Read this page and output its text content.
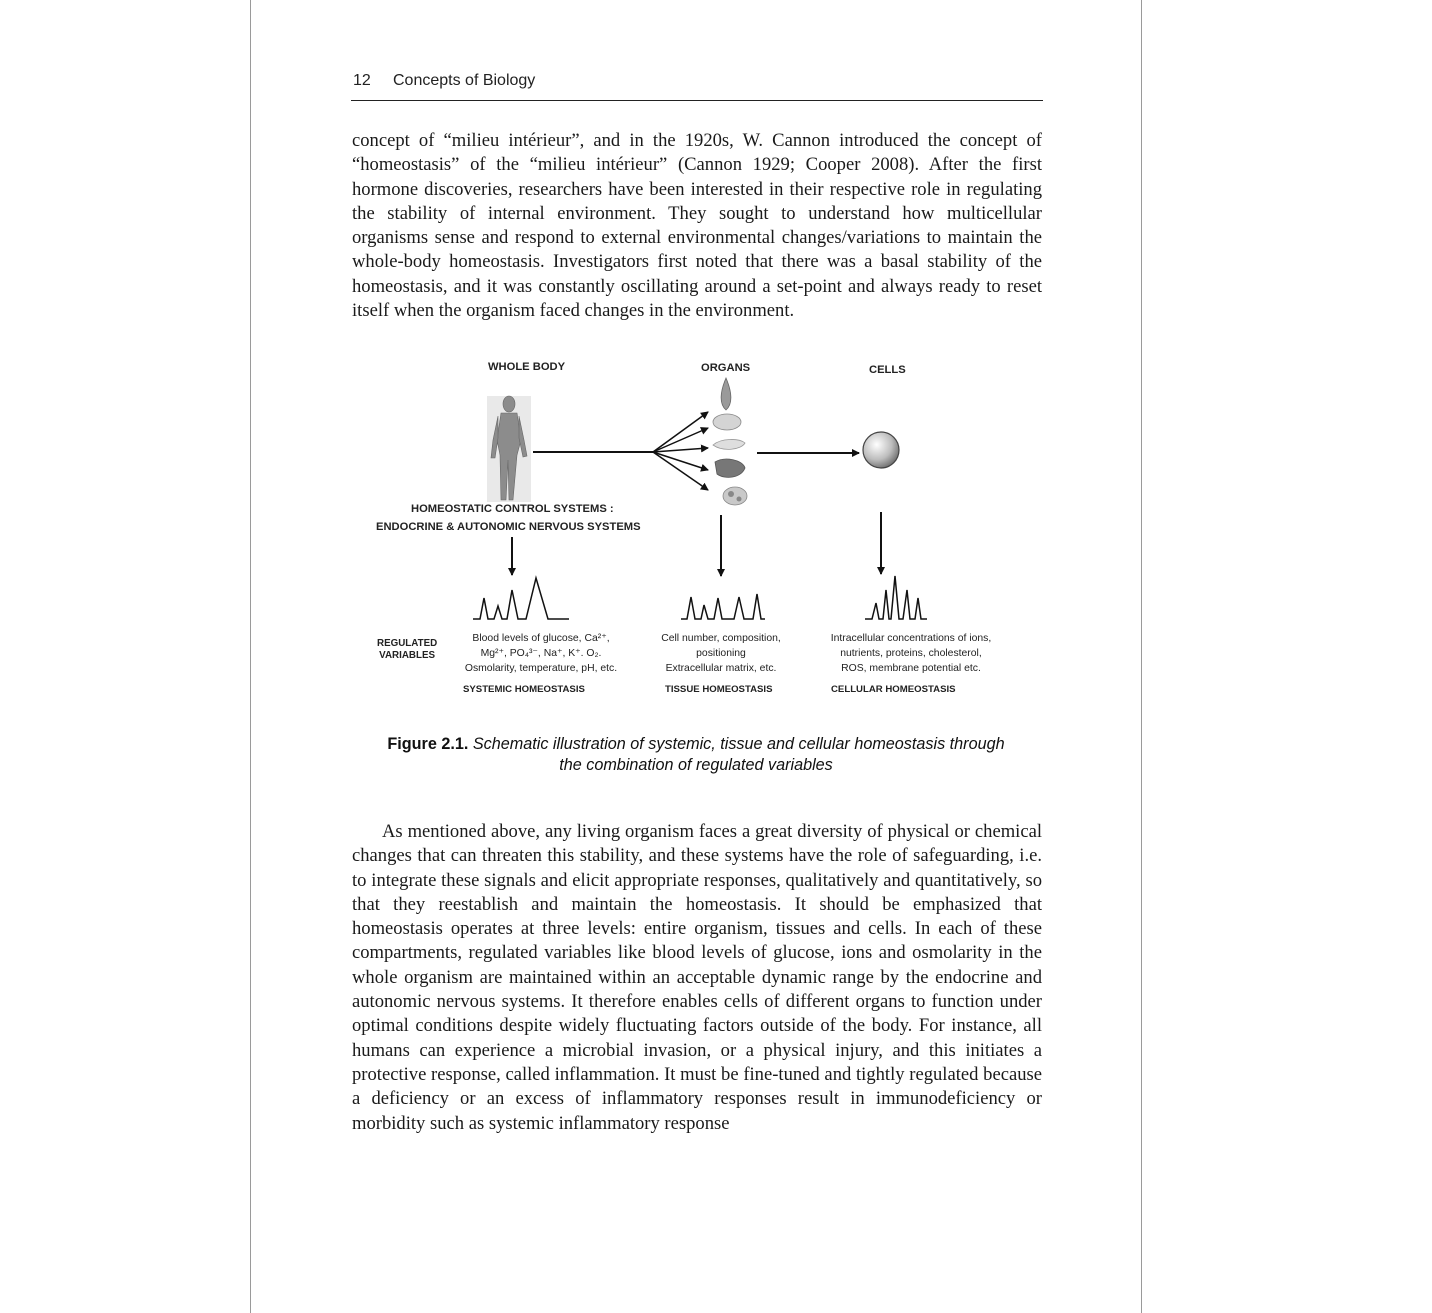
12 Concepts of Biology

concept of “milieu intérieur”, and in the 1920s, W. Cannon introduced the concept of “homeostasis” of the “milieu intérieur” (Cannon 1929; Cooper 2008). After the first hormone discoveries, researchers have been interested in their respective role in regulating the stability of internal environment. They sought to understand how multicellular organisms sense and respond to external environmental changes/variations to maintain the whole-body homeostasis. Investigators first noted that there was a basal stability of the homeostasis, and it was constantly oscillating around a set-point and always ready to reset itself when the organism faced changes in the environment.

WHOLE BODY	ORGANS	CELLS
HOMEOSTATIC CONTROL SYSTEMS :
ENDOCRINE & AUTONOMIC NERVOUS SYSTEMS
REGULATED
VARIABLES
Blood levels of glucose, Ca²⁺,
Mg²⁺, PO₄³⁻, Na⁺, K⁺. O₂.
Osmolarity, temperature, pH, etc.
Cell number, composition,
positioning
Extracellular matrix, etc.
Intracellular concentrations of ions,
nutrients, proteins, cholesterol,
ROS, membrane potential etc.
SYSTEMIC HOMEOSTASIS	TISSUE HOMEOSTASIS	CELLULAR HOMEOSTASIS
Figure 2.1. Schematic illustration of systemic, tissue and cellular homeostasis through the combination of regulated variables

As mentioned above, any living organism faces a great diversity of physical or chemical changes that can threaten this stability, and these systems have the role of safeguarding, i.e. to integrate these signals and elicit appropriate responses, qualitatively and quantitatively, so that they reestablish and maintain the homeostasis. It should be emphasized that homeostasis operates at three levels: entire organism, tissues and cells. In each of these compartments, regulated variables like blood levels of glucose, ions and osmolarity in the whole organism are maintained within an acceptable dynamic range by the endocrine and autonomic nervous systems. It therefore enables cells of different organs to function under optimal conditions despite widely fluctuating factors outside of the body. For instance, all humans can experience a microbial invasion, or a physical injury, and this initiates a protective response, called inflammation. It must be fine-tuned and tightly regulated because a deficiency or an excess of inflammatory responses result in immunodeficiency or morbidity such as systemic inflammatory response
